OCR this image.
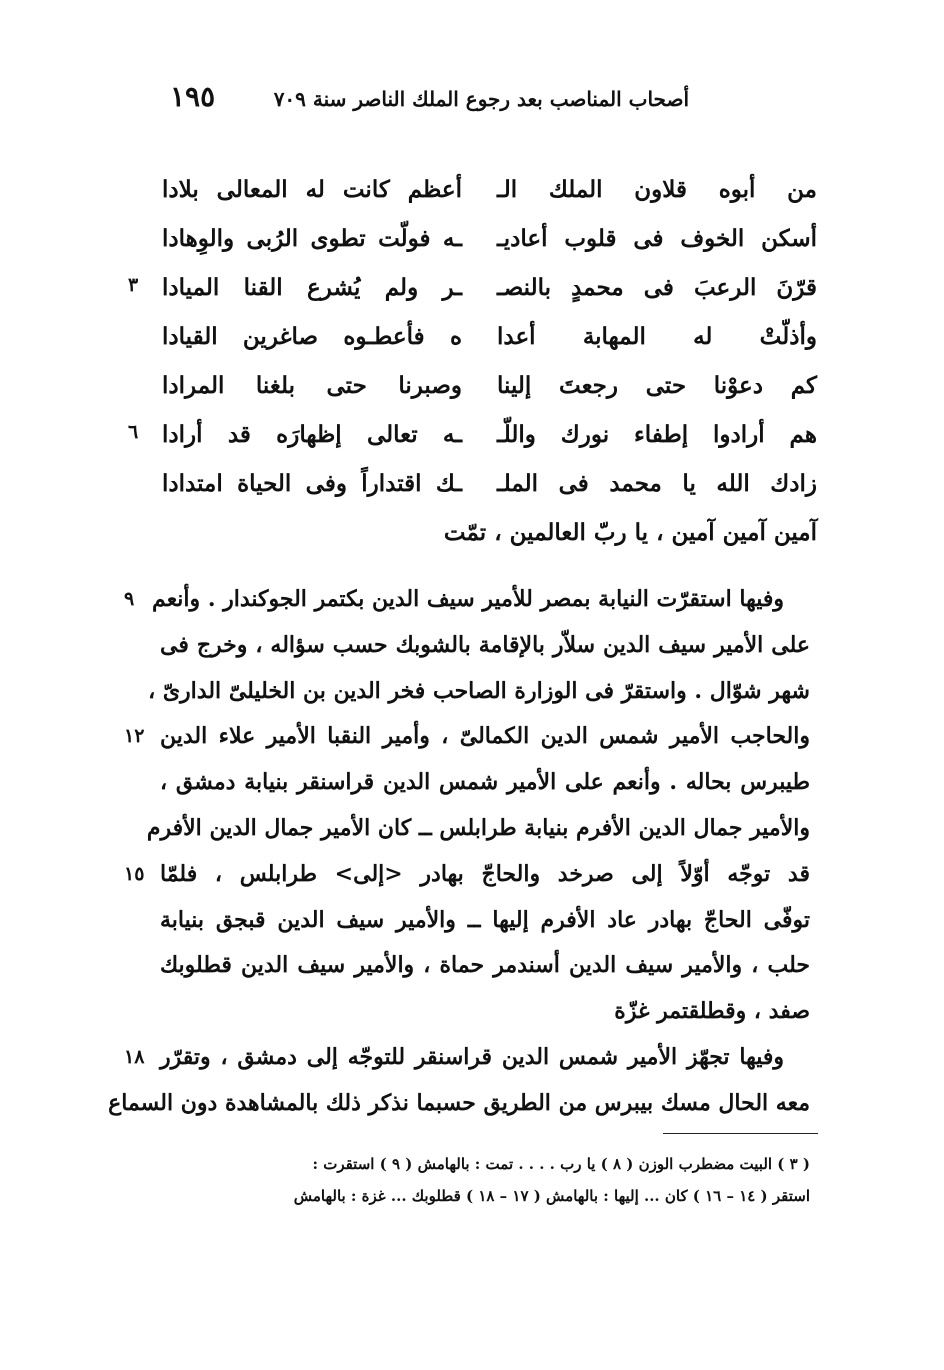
أصحاب المناصب بعد رجوع الملك الناصر سنة ٧٠٩
١٩٥
من أبوه قلاون الملك الـ
أعظم كانت له المعالى بلادا
أسكن الخوف فى قلوب أعاديـ
ـه فولّت تطوى الرُبى والوِهادا
قرّنَ الرعبَ فى محمدٍ بالنصـ
ـر ولم يُشرع القنا الميادا
٣
وأذلّتْ له المهابة أعدا
ه فأعطـوه صاغرين القيادا
كم دعوْنا حتى رجعتَ إلينا
وصبرنا حتى بلغنا المرادا
هم أرادوا إطفاء نورك واللّـ
ـه تعالى إظهارَه قد أرادا
٦
زادك الله يا محمد فى الملـ
ـك اقتداراً وفى الحياة امتدادا
آمين آمين آمين ، يا ربّ العالمين ، تمّت
وفيها استقرّت النيابة بمصر للأمير سيف الدين بكتمر الجوكندار . وأنعم
٩
على الأمير سيف الدين سلاّر بالإقامة بالشوبك حسب سؤاله ، وخرج فى
شهر شوّال . واستقرّ فى الوزارة الصاحب فخر الدين بن الخليلىّ الدارىّ ،
والحاجب الأمير شمس الدين الكمالىّ ، وأمير النقبا الأمير علاء الدين
١٢
طيبرس بحاله . وأنعم على الأمير شمس الدين قراسنقر بنيابة دمشق ،
والأمير جمال الدين الأفرم بنيابة طرابلس ــ كان الأمير جمال الدين الأفرم
قد توجّه أوّلاً إلى صرخد والحاجّ بهادر <إلى> طرابلس ، فلمّا
١٥
توفّى الحاجّ بهادر عاد الأفرم إليها ــ والأمير سيف الدين قبجق بنيابة
حلب ، والأمير سيف الدين أسندمر حماة ، والأمير سيف الدين قطلوبك
صفد ، وقطلقتمر غزّة
وفيها تجهّز الأمير شمس الدين قراسنقر للتوجّه إلى دمشق ، وتقرّر
١٨
معه الحال مسك بيبرس من الطريق حسبما نذكر ذلك بالمشاهدة دون السماع
( ٣ ) البيت مضطرب الوزن ( ٨ ) يا رب . . . . تمت : بالهامش ( ٩ ) استقرت :
استقر ( ١٤ – ١٦ ) كان ... إليها : بالهامش ( ١٧ – ١٨ ) قطلوبك ... غزة : بالهامش
